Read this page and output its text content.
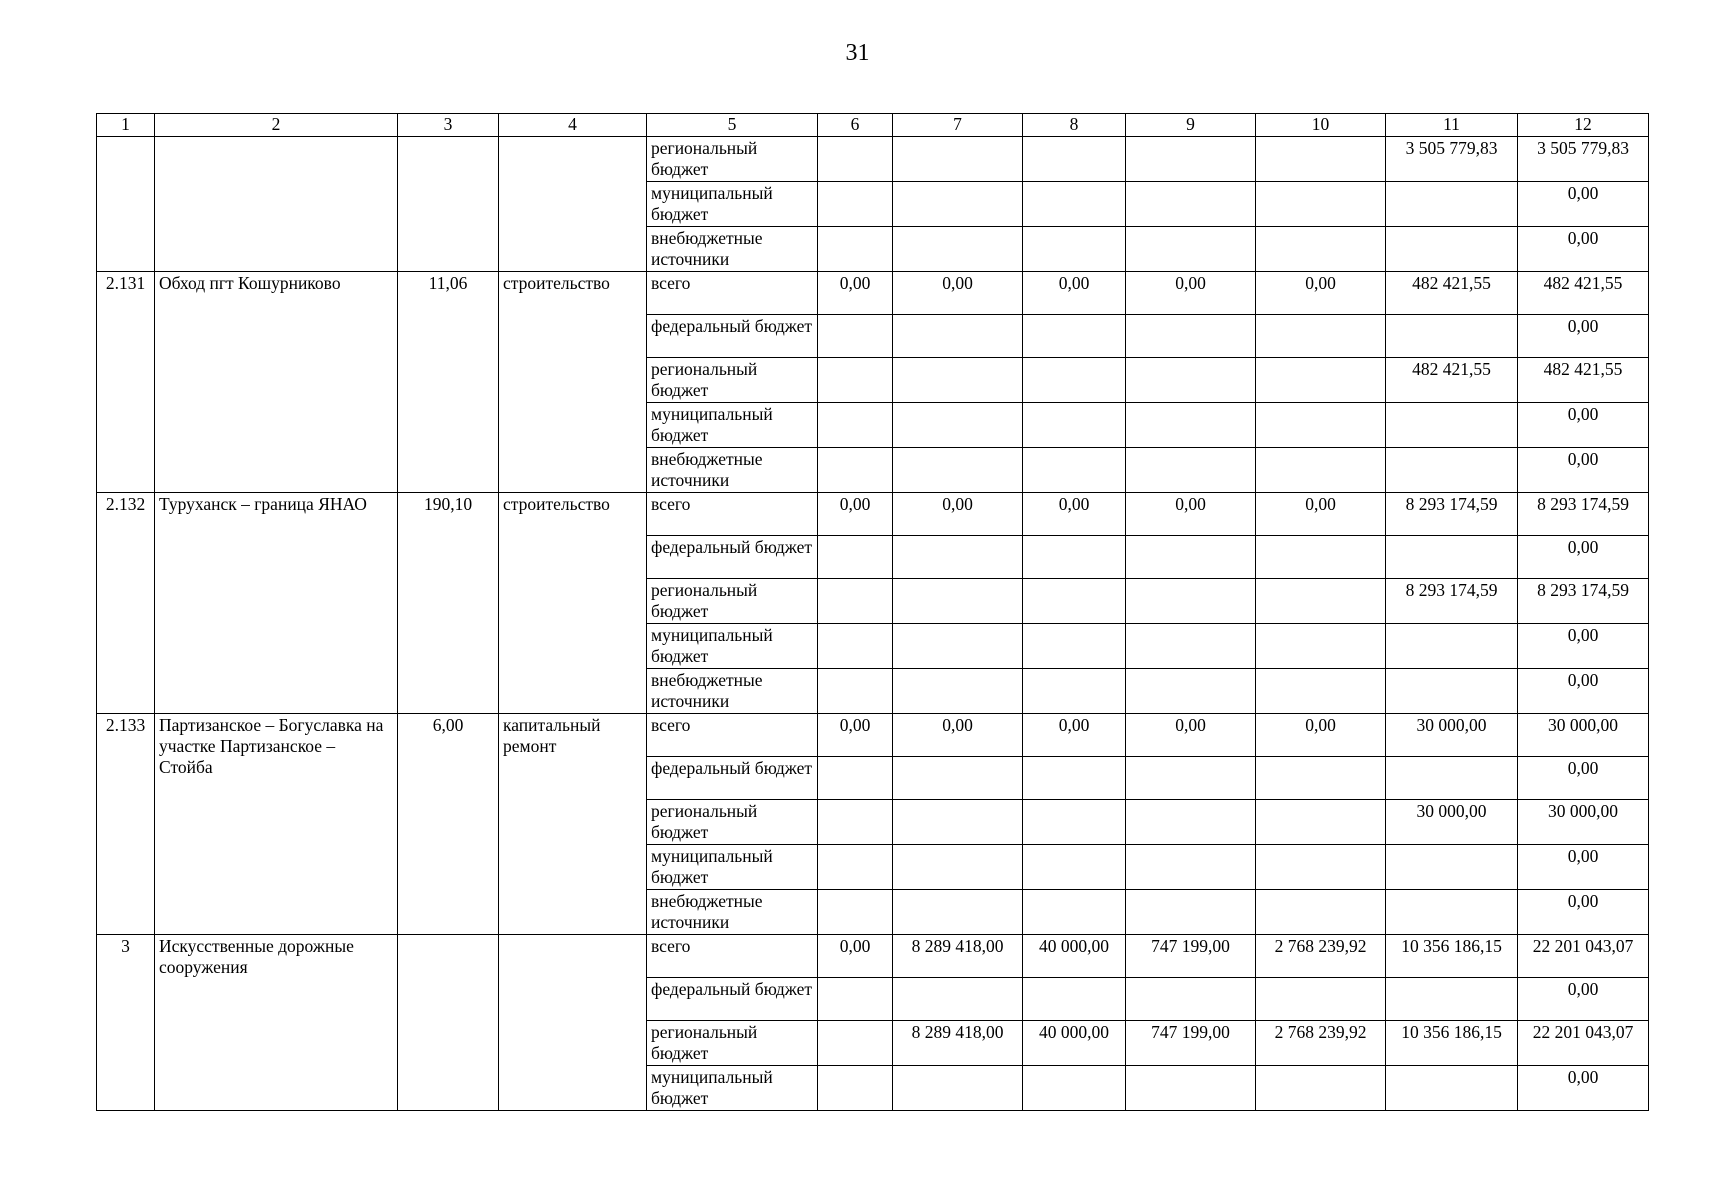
31
1	2	3	4	5	6	7	8	9	10	11	12
				региональный бюджет						3 505 779,83	3 505 779,83
				муниципальный бюджет							0,00
				внебюджетные источники							0,00
2.131	Обход пгт Кошурниково	11,06	строительство	всего	0,00	0,00	0,00	0,00	0,00	482 421,55	482 421,55
				федеральный бюджет							0,00
				региональный бюджет						482 421,55	482 421,55
				муниципальный бюджет							0,00
				внебюджетные источники							0,00
2.132	Туруханск – граница ЯНАО	190,10	строительство	всего	0,00	0,00	0,00	0,00	0,00	8 293 174,59	8 293 174,59
				федеральный бюджет							0,00
				региональный бюджет						8 293 174,59	8 293 174,59
				муниципальный бюджет							0,00
				внебюджетные источники							0,00
2.133	Партизанское – Богуславка на участке Партизанское – Стойба	6,00	капитальный ремонт	всего	0,00	0,00	0,00	0,00	0,00	30 000,00	30 000,00
				федеральный бюджет							0,00
				региональный бюджет						30 000,00	30 000,00
				муниципальный бюджет							0,00
				внебюджетные источники							0,00
3	Искусственные дорожные сооружения			всего	0,00	8 289 418,00	40 000,00	747 199,00	2 768 239,92	10 356 186,15	22 201 043,07
				федеральный бюджет							0,00
				региональный бюджет		8 289 418,00	40 000,00	747 199,00	2 768 239,92	10 356 186,15	22 201 043,07
				муниципальный бюджет							0,00
